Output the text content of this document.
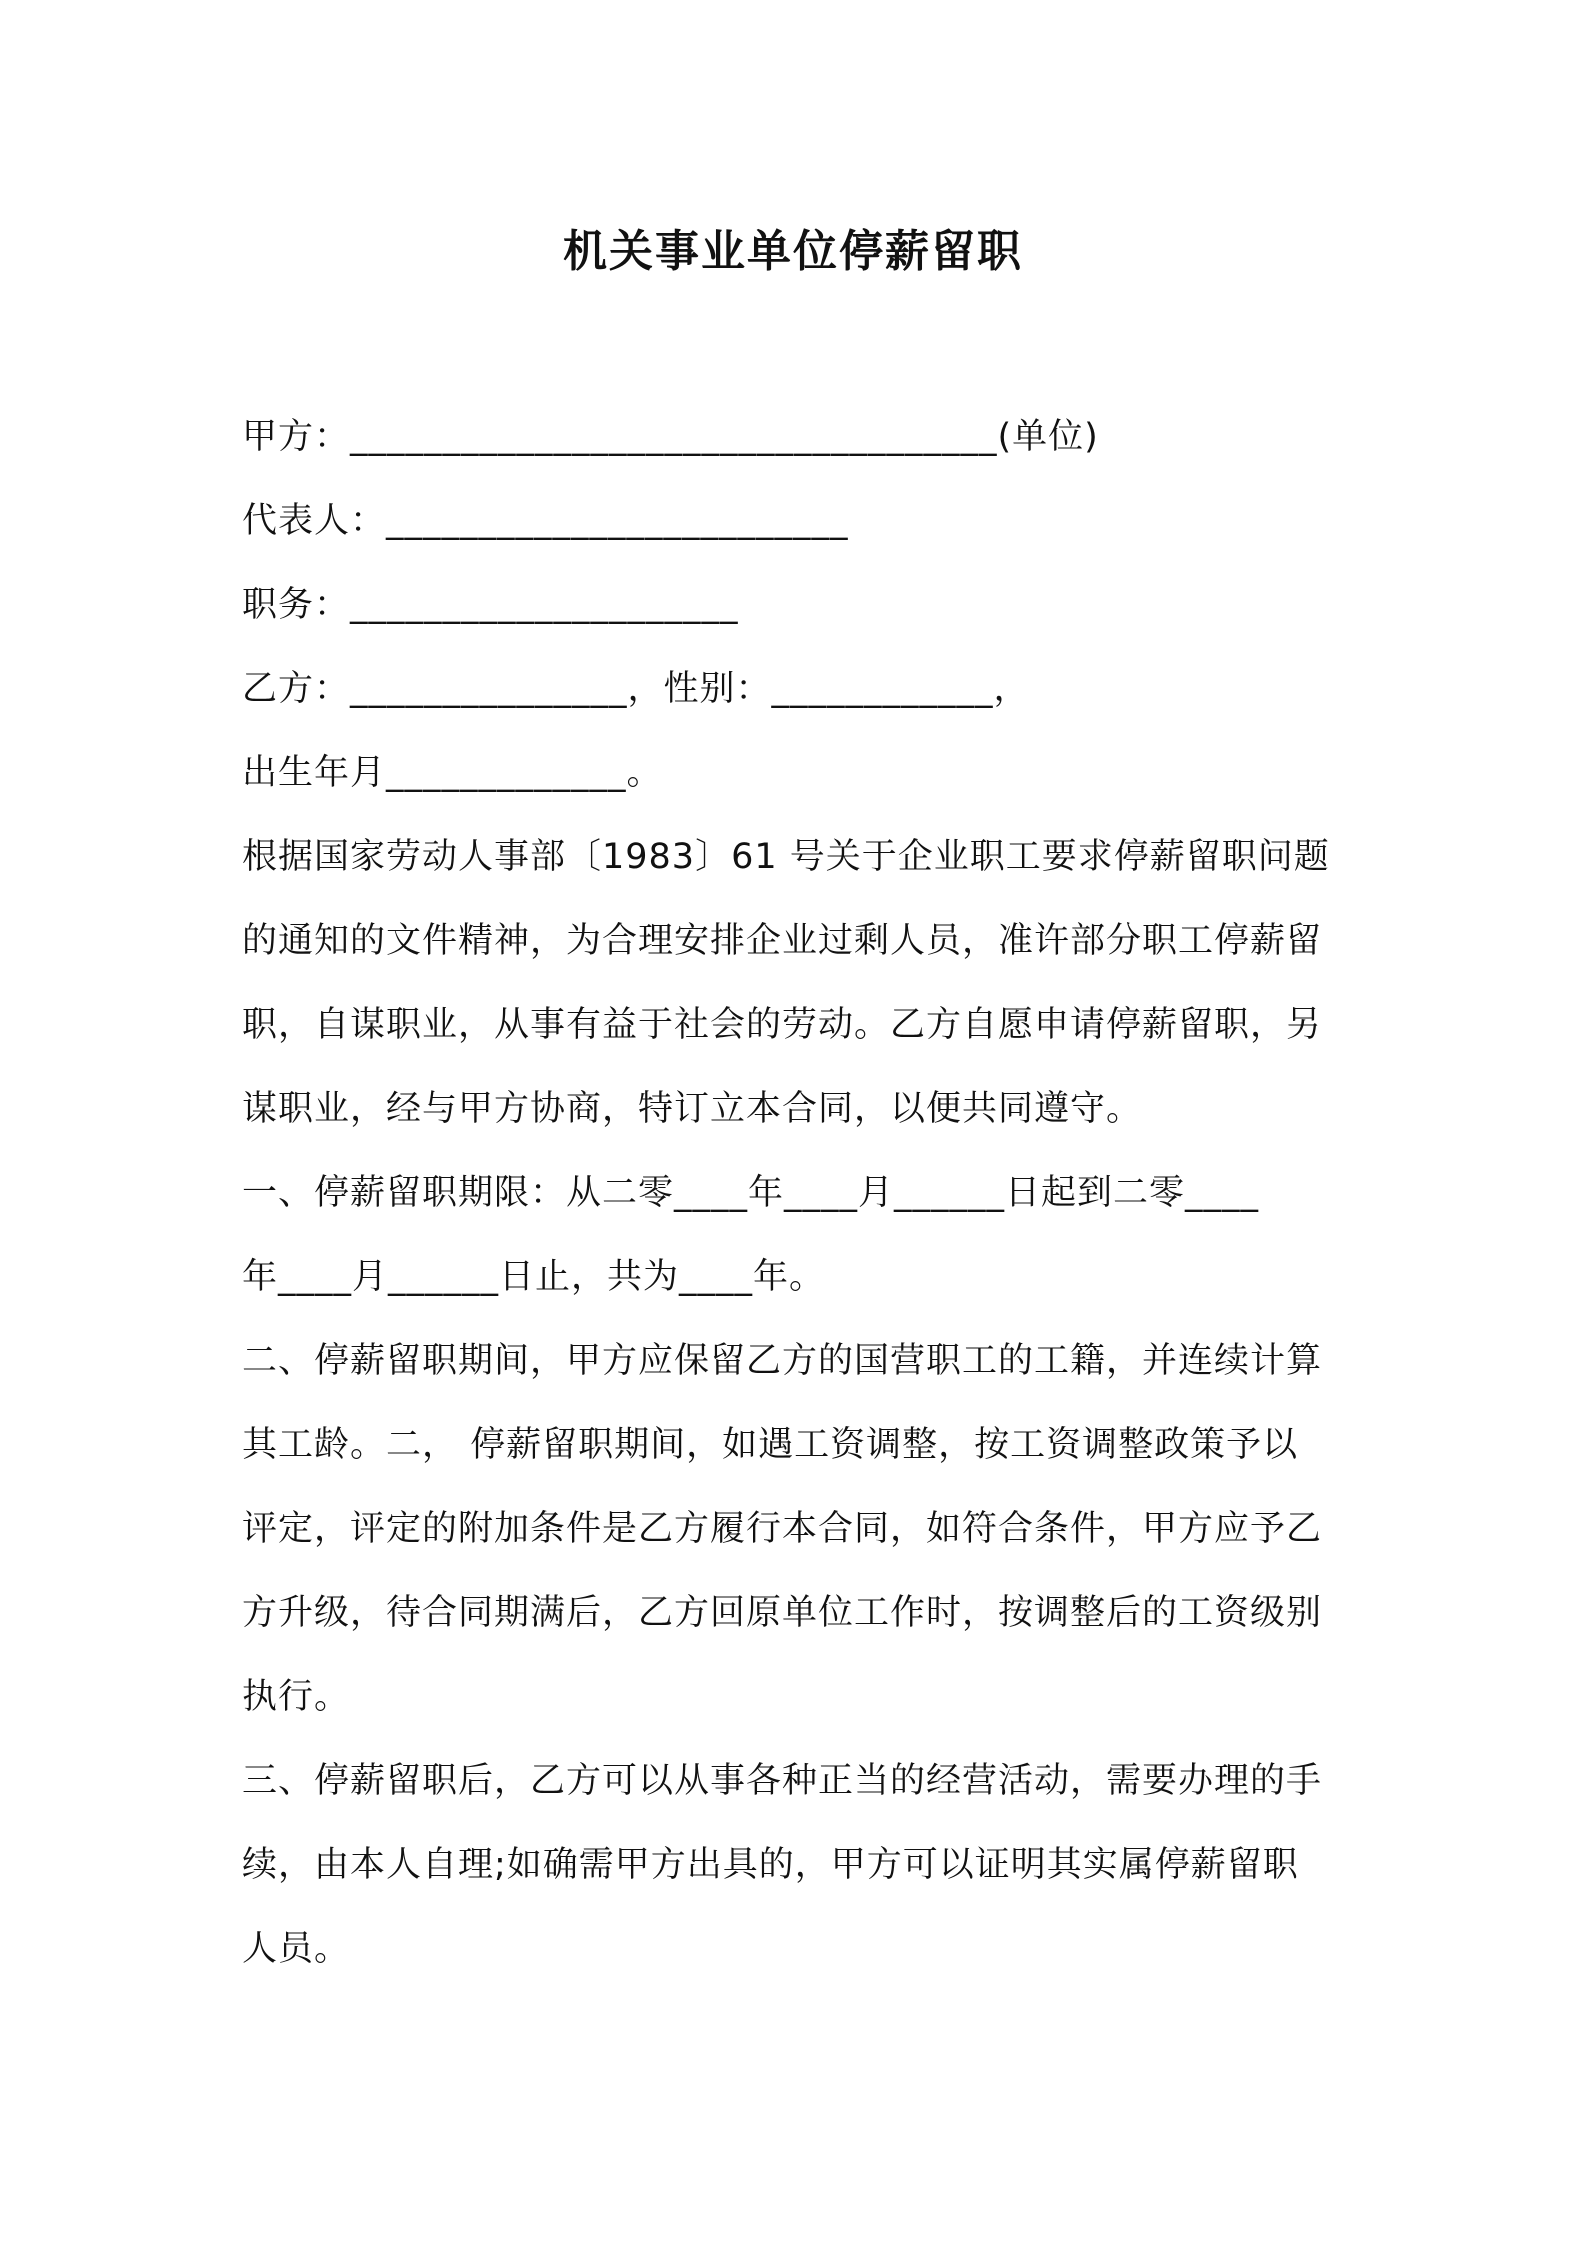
机关事业单位停薪留职

甲方：___________________________________(单位)

代表人：_________________________

职务：_____________________

乙方：_______________，性别：____________，

出生年月_____________。

根据国家劳动人事部〔1983〕61 号关于企业职工要求停薪留职问题

的通知的文件精神，为合理安排企业过剩人员，准许部分职工停薪留

职，自谋职业，从事有益于社会的劳动。乙方自愿申请停薪留职，另

谋职业，经与甲方协商，特订立本合同，以便共同遵守。

一、停薪留职期限：从二零____年____月______日起到二零____

年____月______日止，共为____年。

二、停薪留职期间，甲方应保留乙方的国营职工的工籍，并连续计算

其工龄。二， 停薪留职期间，如遇工资调整，按工资调整政策予以

评定，评定的附加条件是乙方履行本合同，如符合条件，甲方应予乙

方升级，待合同期满后，乙方回原单位工作时，按调整后的工资级别

执行。

三、停薪留职后，乙方可以从事各种正当的经营活动，需要办理的手

续，由本人自理;如确需甲方出具的，甲方可以证明其实属停薪留职

人员。
